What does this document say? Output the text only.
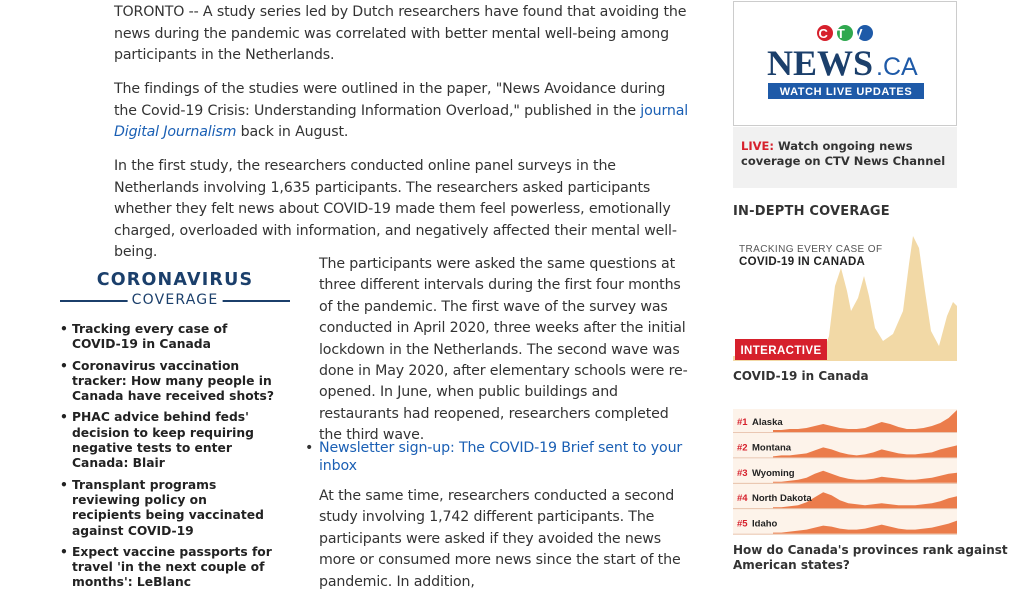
TORONTO -- A study series led by Dutch researchers have found that avoiding the news during the pandemic was correlated with better mental well-being among participants in the Netherlands.

The findings of the studies were outlined in the paper, "News Avoidance during the Covid-19 Crisis: Understanding Information Overload," published in the journal Digital Journalism back in August.

In the first study, the researchers conducted online panel surveys in the Netherlands involving 1,635 participants. The researchers asked participants whether they felt news about COVID-19 made them feel powerless, emotionally charged, overloaded with information, and negatively affected their mental well-being.

CORONAVIRUS
COVERAGE
• Tracking every case of COVID-19 in Canada
• Coronavirus vaccination tracker: How many people in Canada have received shots?
• PHAC advice behind feds' decision to keep requiring negative tests to enter Canada: Blair
• Transplant programs reviewing policy on recipients being vaccinated against COVID-19
• Expect vaccine passports for travel 'in the next couple of months': LeBlanc

The participants were asked the same questions at three different intervals during the first four months of the pandemic. The first wave of the survey was conducted in April 2020, three weeks after the initial lockdown in the Netherlands. The second wave was done in May 2020, after elementary schools were re-opened. In June, when public buildings and restaurants had reopened, researchers completed the third wave.

• Newsletter sign-up: The COVID-19 Brief sent to your inbox

At the same time, researchers conducted a second study involving 1,742 different participants. The participants were asked if they avoided the news more or consumed more news since the start of the pandemic. In addition,

CTV
NEWS .CA
WATCH LIVE UPDATES
LIVE: Watch ongoing news coverage on CTV News Channel
IN-DEPTH COVERAGE
TRACKING EVERY CASE OF
COVID-19 IN CANADA
INTERACTIVE
COVID-19 in Canada
#1 Alaska
#2 Montana
#3 Wyoming
#4 North Dakota
#5 Idaho
How do Canada's provinces rank against American states?
